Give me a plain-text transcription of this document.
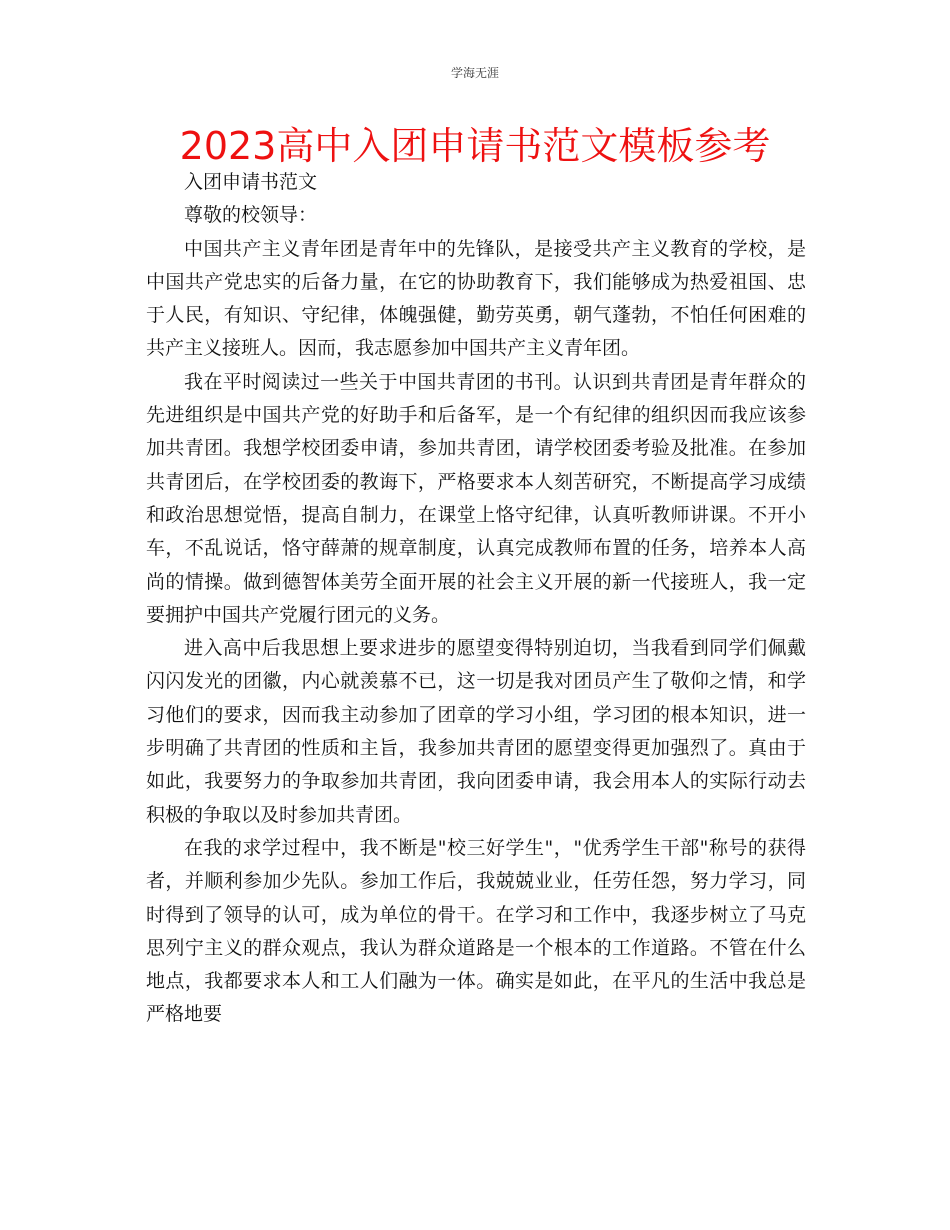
学海无涯
2023高中入团申请书范文模板参考

入团申请书范文

尊敬的校领导：

中国共产主义青年团是青年中的先锋队，是接受共产主义教育的学校，是中国共产党忠实的后备力量，在它的协助教育下，我们能够成为热爱祖国、忠于人民，有知识、守纪律，体魄强健，勤劳英勇，朝气蓬勃，不怕任何困难的共产主义接班人。因而，我志愿参加中国共产主义青年团。

我在平时阅读过一些关于中国共青团的书刊。认识到共青团是青年群众的先进组织是中国共产党的好助手和后备军，是一个有纪律的组织因而我应该参加共青团。我想学校团委申请，参加共青团，请学校团委考验及批准。在参加共青团后，在学校团委的教诲下，严格要求本人刻苦研究，不断提高学习成绩和政治思想觉悟，提高自制力，在课堂上恪守纪律，认真听教师讲课。不开小车，不乱说话，恪守薛萧的规章制度，认真完成教师布置的任务，培养本人高尚的情操。做到德智体美劳全面开展的社会主义开展的新一代接班人，我一定要拥护中国共产党履行团元的义务。

进入高中后我思想上要求进步的愿望变得特别迫切，当我看到同学们佩戴闪闪发光的团徽，内心就羡慕不已，这一切是我对团员产生了敬仰之情，和学习他们的要求，因而我主动参加了团章的学习小组，学习团的根本知识，进一步明确了共青团的性质和主旨，我参加共青团的愿望变得更加强烈了。真由于如此，我要努力的争取参加共青团，我向团委申请，我会用本人的实际行动去积极的争取以及时参加共青团。

在我的求学过程中，我不断是"校三好学生"，"优秀学生干部"称号的获得者，并顺利参加少先队。参加工作后，我兢兢业业，任劳任怨，努力学习，同时得到了领导的认可，成为单位的骨干。在学习和工作中，我逐步树立了马克思列宁主义的群众观点，我认为群众道路是一个根本的工作道路。不管在什么地点，我都要求本人和工人们融为一体。确实是如此，在平凡的生活中我总是严格地要
